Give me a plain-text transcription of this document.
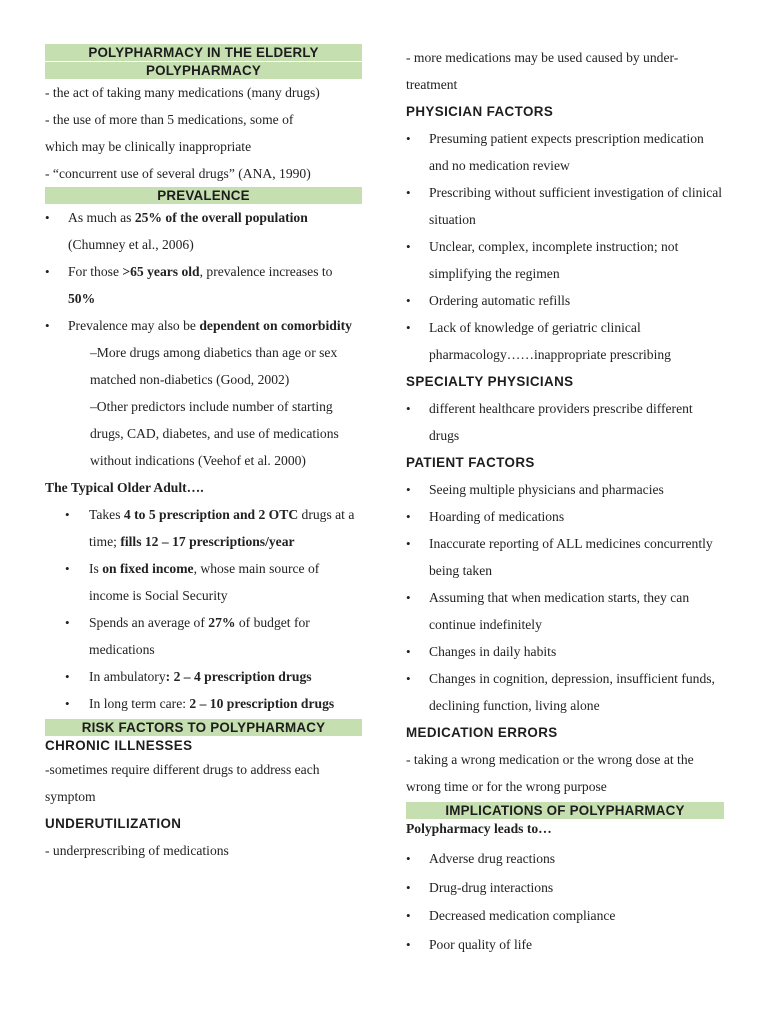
POLYPHARMACY IN THE ELDERLY
POLYPHARMACY

- the act of taking many medications (many drugs)

- the use of more than 5 medications, some of

which may be clinically inappropriate

- “concurrent use of several drugs” (ANA, 1990)

PREVALENCE
• As much as 25% of the overall population (Chumney et al., 2006)
• For those >65 years old, prevalence increases to 50%
• Prevalence may also be dependent on comorbidity
–More drugs among diabetics than age or sex matched non-diabetics (Good, 2002)
–Other predictors include number of starting drugs, CAD, diabetes, and use of medications without indications (Veehof et al. 2000)
The Typical Older Adult….
• Takes 4 to 5 prescription and 2 OTC drugs at a time; fills 12 – 17 prescriptions/year
• Is on fixed income, whose main source of income is Social Security
• Spends an average of 27% of budget for medications
• In ambulatory: 2 – 4 prescription drugs
• In long term care: 2 – 10 prescription drugs
RISK FACTORS TO POLYPHARMACY
CHRONIC ILLNESSES

-sometimes require different drugs to address each symptom

UNDERUTILIZATION

- underprescribing of medications

- more medications may be used caused by under-treatment

PHYSICIAN FACTORS
• Presuming patient expects prescription medication and no medication review
• Prescribing without sufficient investigation of clinical situation
• Unclear, complex, incomplete instruction; not simplifying the regimen
• Ordering automatic refills
• Lack of knowledge of geriatric clinical pharmacology……inappropriate prescribing
SPECIALTY PHYSICIANS
• different healthcare providers prescribe different drugs
PATIENT FACTORS
• Seeing multiple physicians and pharmacies
• Hoarding of medications
• Inaccurate reporting of ALL medicines concurrently being taken
• Assuming that when medication starts, they can continue indefinitely
• Changes in daily habits
• Changes in cognition, depression, insufficient funds, declining function, living alone
MEDICATION ERRORS

- taking a wrong medication or the wrong dose at the wrong time or for the wrong purpose

IMPLICATIONS OF POLYPHARMACY
Polypharmacy leads to…
• Adverse drug reactions
• Drug-drug interactions
• Decreased medication compliance
• Poor quality of life
